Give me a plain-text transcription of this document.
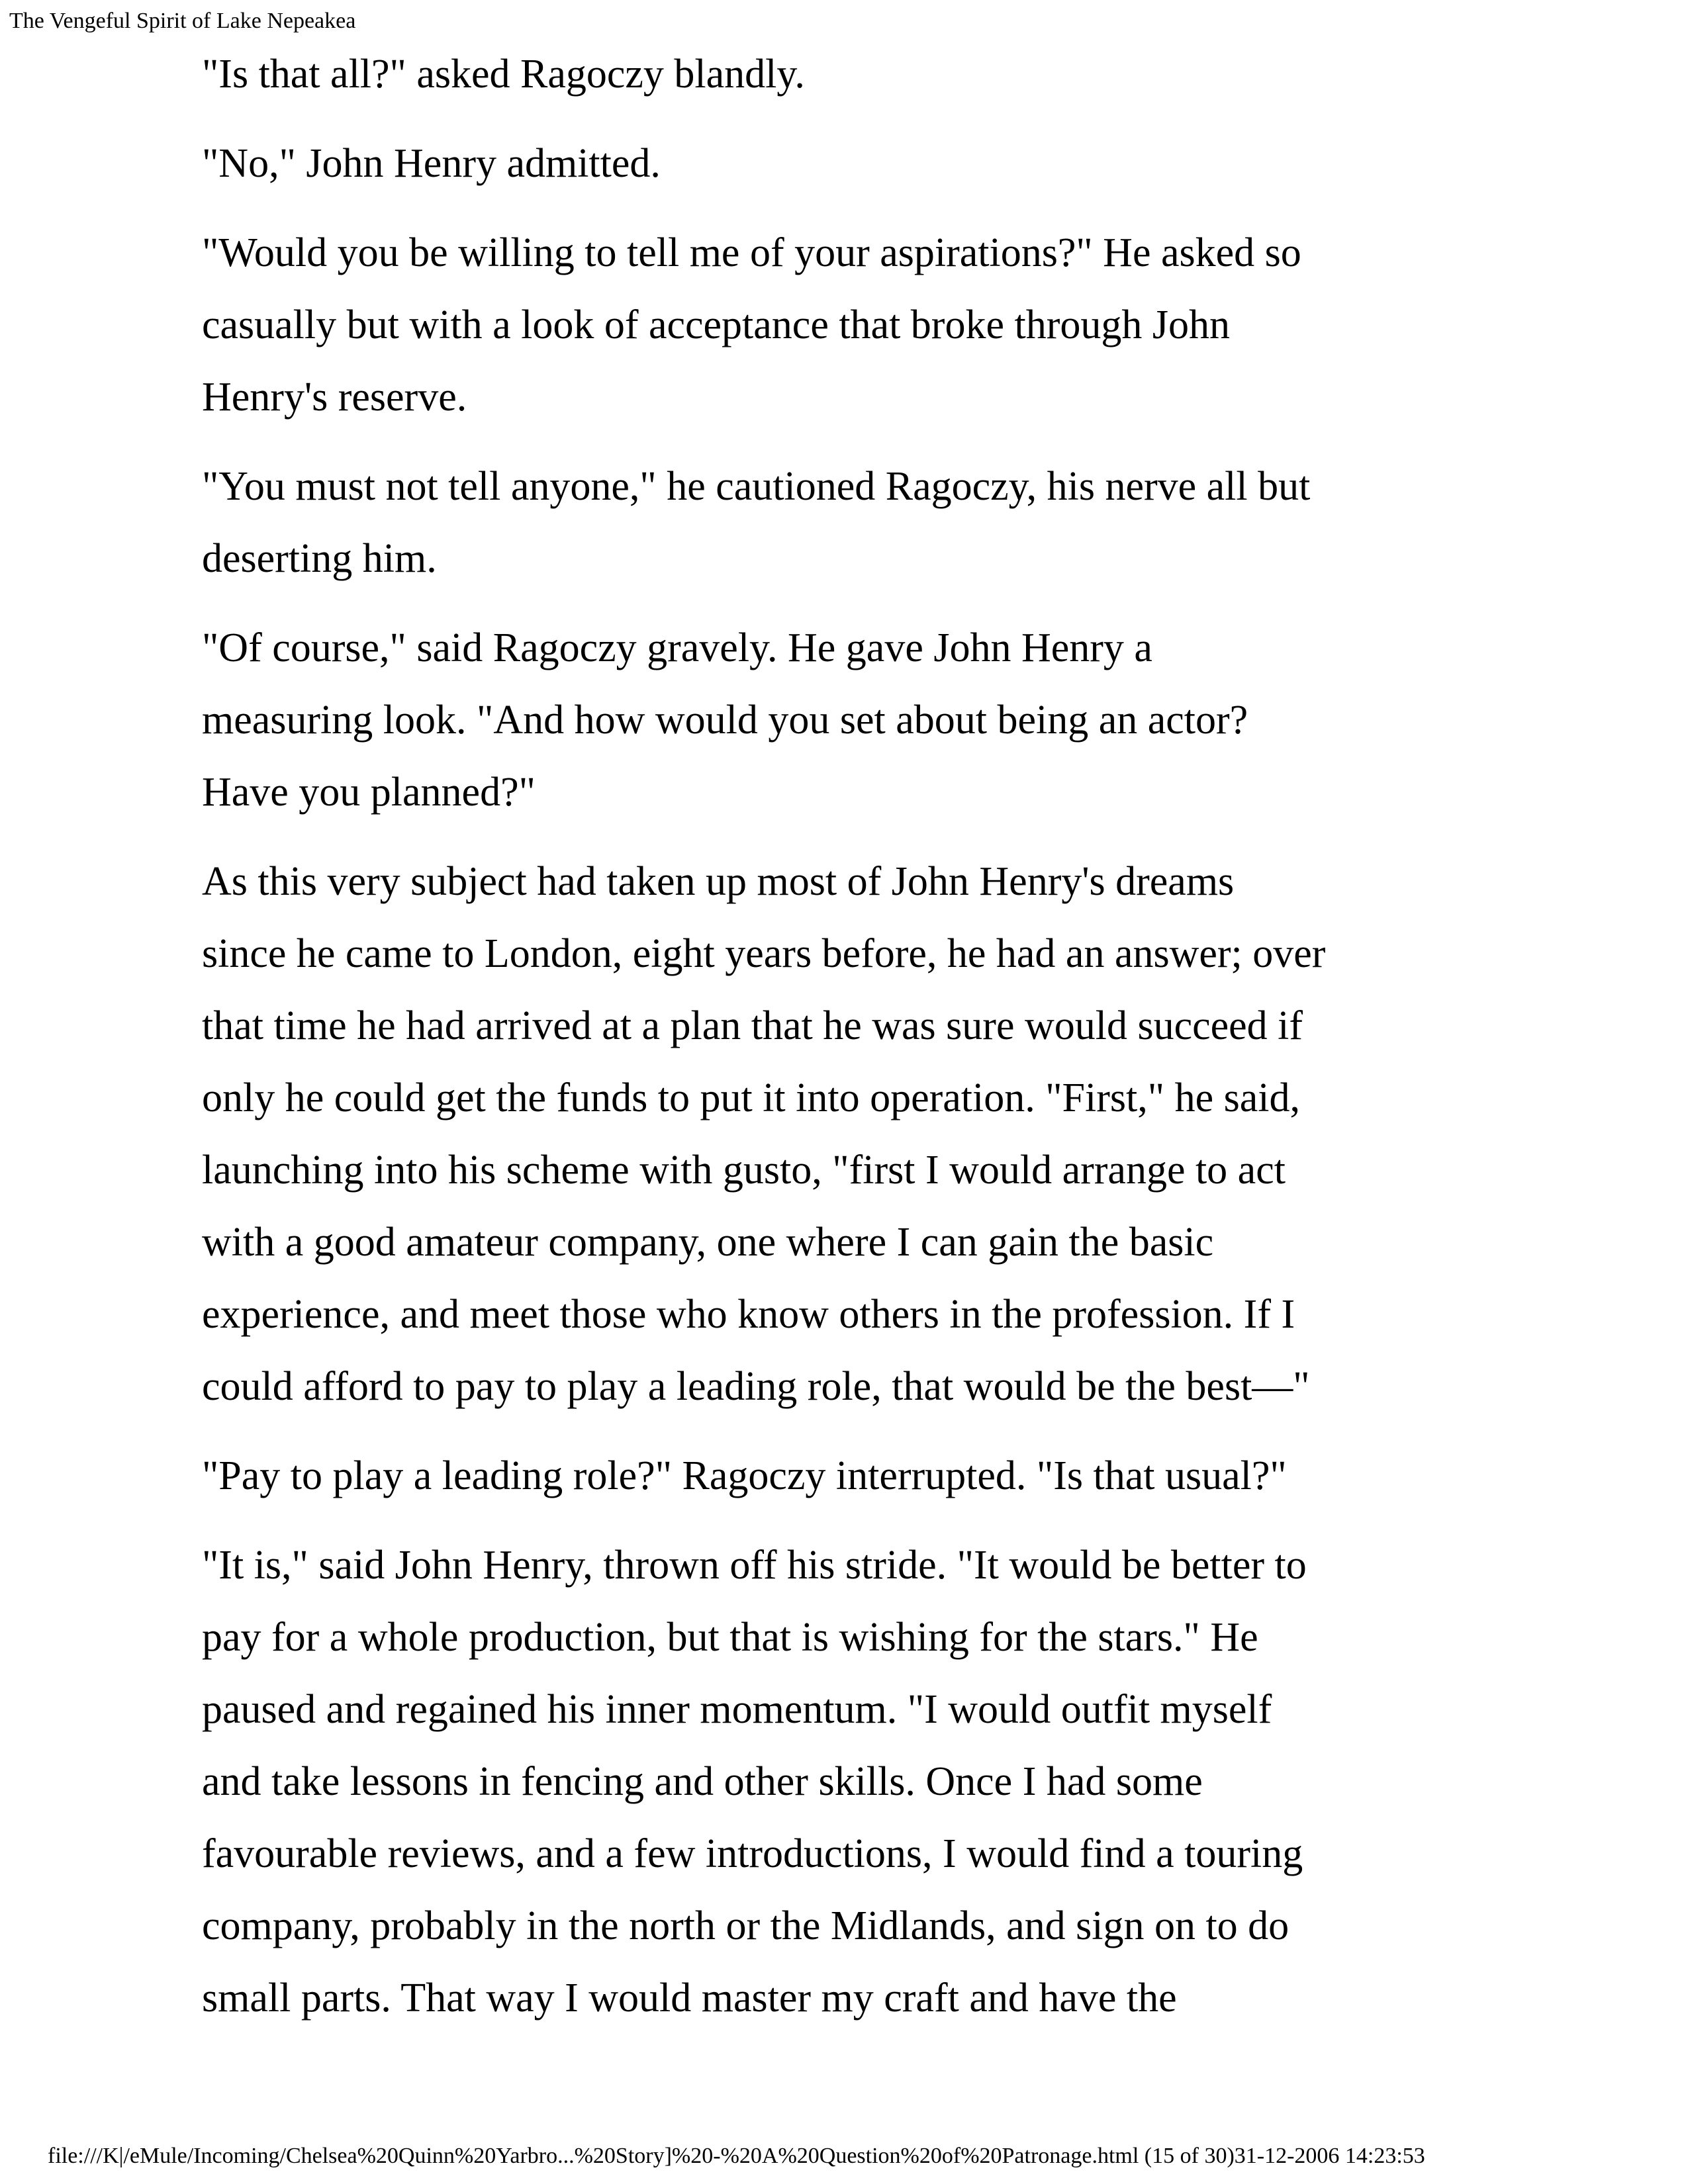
The Vengeful Spirit of Lake Nepeakea

"Is that all?" asked Ragoczy blandly.

"No," John Henry admitted.

"Would you be willing to tell me of your aspirations?" He asked so
casually but with a look of acceptance that broke through John
Henry's reserve.

"You must not tell anyone," he cautioned Ragoczy, his nerve all but
deserting him.

"Of course," said Ragoczy gravely. He gave John Henry a
measuring look. "And how would you set about being an actor?
Have you planned?"

As this very subject had taken up most of John Henry's dreams
since he came to London, eight years before, he had an answer; over
that time he had arrived at a plan that he was sure would succeed if
only he could get the funds to put it into operation. "First," he said,
launching into his scheme with gusto, "first I would arrange to act
with a good amateur company, one where I can gain the basic
experience, and meet those who know others in the profession. If I
could afford to pay to play a leading role, that would be the best—"

"Pay to play a leading role?" Ragoczy interrupted. "Is that usual?"

"It is," said John Henry, thrown off his stride. "It would be better to
pay for a whole production, but that is wishing for the stars." He
paused and regained his inner momentum. "I would outfit myself
and take lessons in fencing and other skills. Once I had some
favourable reviews, and a few introductions, I would find a touring
company, probably in the north or the Midlands, and sign on to do
small parts. That way I would master my craft and have the

file:///K|/eMule/Incoming/Chelsea%20Quinn%20Yarbro...%20Story]%20-%20A%20Question%20of%20Patronage.html (15 of 30)31-12-2006 14:23:53
